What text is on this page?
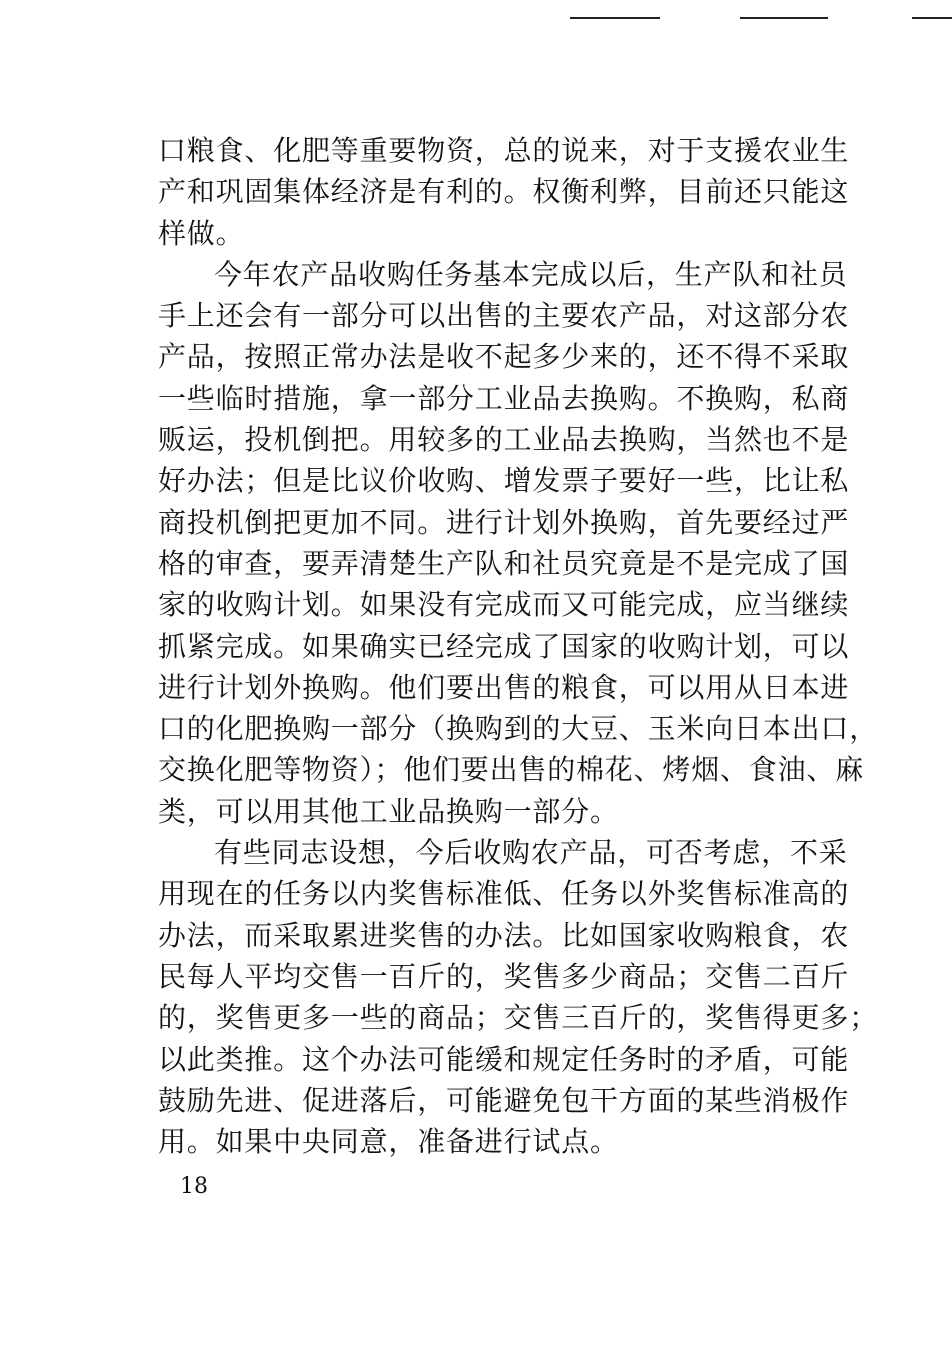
口粮食、化肥等重要物资，总的说来，对于支援农业生
产和巩固集体经济是有利的。权衡利弊，目前还只能这
样做。
今年农产品收购任务基本完成以后，生产队和社员
手上还会有一部分可以出售的主要农产品，对这部分农
产品，按照正常办法是收不起多少来的，还不得不采取
一些临时措施，拿一部分工业品去换购。不换购，私商
贩运，投机倒把。用较多的工业品去换购，当然也不是
好办法；但是比议价收购、增发票子要好一些，比让私
商投机倒把更加不同。进行计划外换购，首先要经过严
格的审查，要弄清楚生产队和社员究竟是不是完成了国
家的收购计划。如果没有完成而又可能完成，应当继续
抓紧完成。如果确实已经完成了国家的收购计划，可以
进行计划外换购。他们要出售的粮食，可以用从日本进
口的化肥换购一部分（换购到的大豆、玉米向日本出口，
交换化肥等物资）；他们要出售的棉花、烤烟、食油、麻
类，可以用其他工业品换购一部分。
有些同志设想，今后收购农产品，可否考虑，不采
用现在的任务以内奖售标准低、任务以外奖售标准高的
办法，而采取累进奖售的办法。比如国家收购粮食，农
民每人平均交售一百斤的，奖售多少商品；交售二百斤
的，奖售更多一些的商品；交售三百斤的，奖售得更多；
以此类推。这个办法可能缓和规定任务时的矛盾，可能
鼓励先进、促进落后，可能避免包干方面的某些消极作
用。如果中央同意，准备进行试点。
18
